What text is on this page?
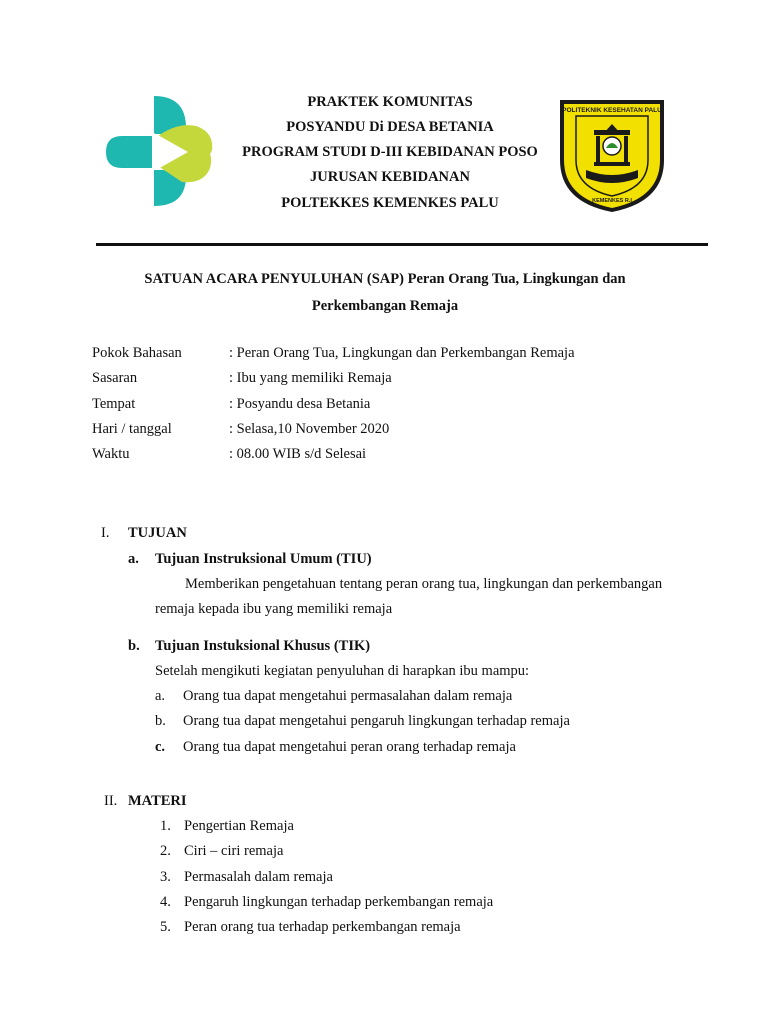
PRAKTEK KOMUNITAS
POSYANDU Di DESA BETANIA
PROGRAM STUDI D-III KEBIDANAN POSO
JURUSAN KEBIDANAN
POLTEKKES KEMENKES PALU
POLITEKNIK KESEHATAN PALU
KEMENKES R.I
SATUAN ACARA PENYULUHAN (SAP) Peran Orang Tua, Lingkungan dan
Perkembangan Remaja
Pokok Bahasan	: Peran Orang Tua, Lingkungan dan Perkembangan Remaja
Sasaran	: Ibu yang memiliki Remaja
Tempat	: Posyandu desa Betania
Hari / tanggal	: Selasa,10 November 2020
Waktu	: 08.00 WIB s/d Selesai
I. TUJUAN
a. Tujuan Instruksional Umum (TIU)
Memberikan pengetahuan tentang peran orang tua, lingkungan dan perkembangan
remaja kepada ibu yang memiliki remaja
b. Tujuan Instuksional Khusus (TIK)
Setelah mengikuti kegiatan penyuluhan di harapkan ibu mampu:
a. Orang tua dapat mengetahui permasalahan dalam remaja
b. Orang tua dapat mengetahui pengaruh lingkungan terhadap remaja
c. Orang tua dapat mengetahui peran orang terhadap remaja
II. MATERI
1. Pengertian Remaja
2. Ciri – ciri remaja
3. Permasalah dalam remaja
4. Pengaruh lingkungan terhadap perkembangan remaja
5. Peran orang tua terhadap perkembangan remaja
